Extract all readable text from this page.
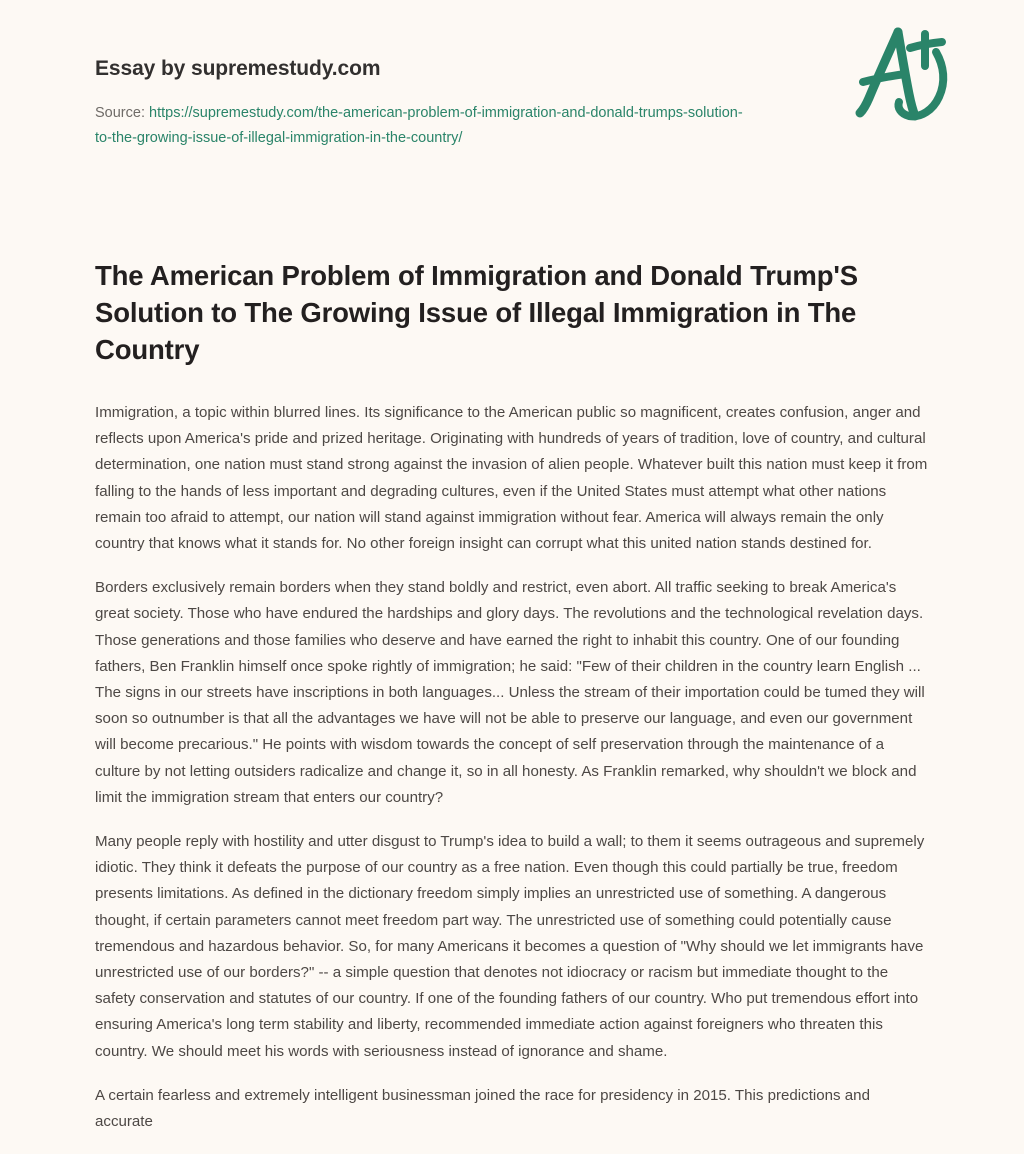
Essay by supremestudy.com
Source: https://supremestudy.com/the-american-problem-of-immigration-and-donald-trumps-solution-to-the-growing-issue-of-illegal-immigration-in-the-country/
The American Problem of Immigration and Donald Trump'S Solution to The Growing Issue of Illegal Immigration in The Country

Immigration, a topic within blurred lines. Its significance to the American public so magnificent, creates confusion, anger and reflects upon America's pride and prized heritage. Originating with hundreds of years of tradition, love of country, and cultural determination, one nation must stand strong against the invasion of alien people. Whatever built this nation must keep it from falling to the hands of less important and degrading cultures, even if the United States must attempt what other nations remain too afraid to attempt, our nation will stand against immigration without fear. America will always remain the only country that knows what it stands for. No other foreign insight can corrupt what this united nation stands destined for.

Borders exclusively remain borders when they stand boldly and restrict, even abort. All traffic seeking to break America's great society. Those who have endured the hardships and glory days. The revolutions and the technological revelation days. Those generations and those families who deserve and have earned the right to inhabit this country. One of our founding fathers, Ben Franklin himself once spoke rightly of immigration; he said: "Few of their children in the country learn English ... The signs in our streets have inscriptions in both languages... Unless the stream of their importation could be tumed they will soon so outnumber is that all the advantages we have will not be able to preserve our language, and even our government will become precarious." He points with wisdom towards the concept of self preservation through the maintenance of a culture by not letting outsiders radicalize and change it, so in all honesty. As Franklin remarked, why shouldn't we block and limit the immigration stream that enters our country?

Many people reply with hostility and utter disgust to Trump's idea to build a wall; to them it seems outrageous and supremely idiotic. They think it defeats the purpose of our country as a free nation. Even though this could partially be true, freedom presents limitations. As defined in the dictionary freedom simply implies an unrestricted use of something. A dangerous thought, if certain parameters cannot meet freedom part way. The unrestricted use of something could potentially cause tremendous and hazardous behavior. So, for many Americans it becomes a question of "Why should we let immigrants have unrestricted use of our borders?" -- a simple question that denotes not idiocracy or racism but immediate thought to the safety conservation and statutes of our country. If one of the founding fathers of our country. Who put tremendous effort into ensuring America's long term stability and liberty, recommended immediate action against foreigners who threaten this country. We should meet his words with seriousness instead of ignorance and shame.

A certain fearless and extremely intelligent businessman joined the race for presidency in 2015. This predictions and accurate
